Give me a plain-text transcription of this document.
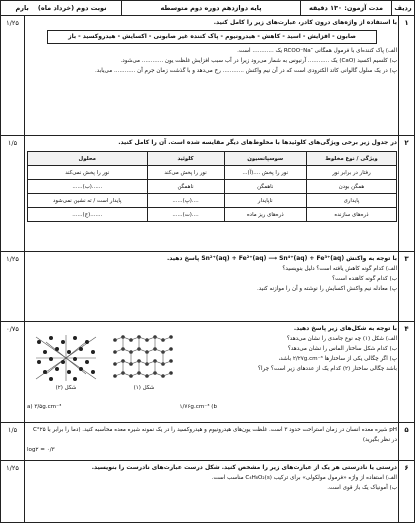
ردیف
مدت آزمون: ۱۳۰ دقیقه
پایه دوازدهم دوره دوم متوسطه
نوبت دوم (خرداد ماه)

بارم
۱
۱/۲۵	با استفاده از واژه‌های درون کادر، عبارت‌های زیر را کامل کنید.
صابون - افزایش - اسید - کاهش - هیدرونیوم - پاک کننده غیر صابونی - اکسایش - هیدروکسید - باز
الف) پاک کننده‌ای با فرمول همگانی ″RCOO⁻Na یک ............ است.
ب) کلسیم اکسید (CaO) یک ............ آرنیوس به شمار می‌رود زیرا در آب سبب افزایش غلظت یون ............ می‌شود.
پ) در یک سلول گالوانی کاتد الکترودی است که در آن نیم واکنش ............ رخ می‌دهد و با گذشت زمان جرم آن ............ می‌یابد.
۲
۱/۵	در جدول زیر برخی ویژگی‌های کلوئیدها با مخلوط‌های دیگر مقایسه شده است. آن را کامل کنید.
ویژگی / نوع مخلوط	سوسپانسیون	کلوئید	محلول
رفتار در برابر نور	نور را پخش ....(آ)...	نور را پخش می‌کند	نور را پخش نمی‌کند
همگن بودن	ناهمگن	ناهمگن	......(ب)......
پایداری	ناپایدار	....(پ)......	پایدار است / ته نشین نمی‌شود
ذره‌های سازنده	ذره‌های ریز ماده	....(ت)......	.......(ج)......
۳
۱/۲۵	با توجه به واکنش Sn²⁺(aq) + Fe²⁺(aq) ⟶ Sn⁴⁺(aq) + Fe³⁺(aq) پاسخ دهید.
الف) کدام گونه کاهش یافته است؟ دلیل بنویسید؟
ب) کدام گونه کاهنده است؟
پ) معادله نیم واکنش اکسایش را نوشته و آن را موازنه کنید.
۴
۰/۷۵	با توجه به شکل‌های زیر پاسخ دهید.
الف) شکل (۱) چه نوع جامدی را نشان می‌دهد؟
ب) کدام شکل ساختار الماس را نشان می‌دهد؟
پ) اگر چگالی یکی از ساختارها ۲/۲۷g.cm⁻³ باشد،
باشد چگالی ساختار (۲) کدام یک از عددهای زیر است؟ چرا؟
شکل (۱)
شکل (۲)
۱/۷۶g.cm⁻³ (b
a) ۳/۵g.cm⁻³
۵
۱/۵	pH شیره معده انسان در زمان استراحت حدود ۳ است. غلظت یون‌های هیدرونیوم و هیدروکسید را در یک نمونه شیره معده محاسبه کنید. (دما را برابر با ۲۵°C در نظر بگیرید)
log۲ = ۰/۳
۶
۱/۲۵	درستی یا نادرستی هر یک از عبارت‌های زیر را مشخص کنید. شکل درست عبارت‌های نادرست را بنویسید.
الف) استفاده از واژه «فرمول مولکولی» برای ترکیب C₄H₈O₂(s) مناسب است.
ب) آمونیاک یک باز قوی است.
